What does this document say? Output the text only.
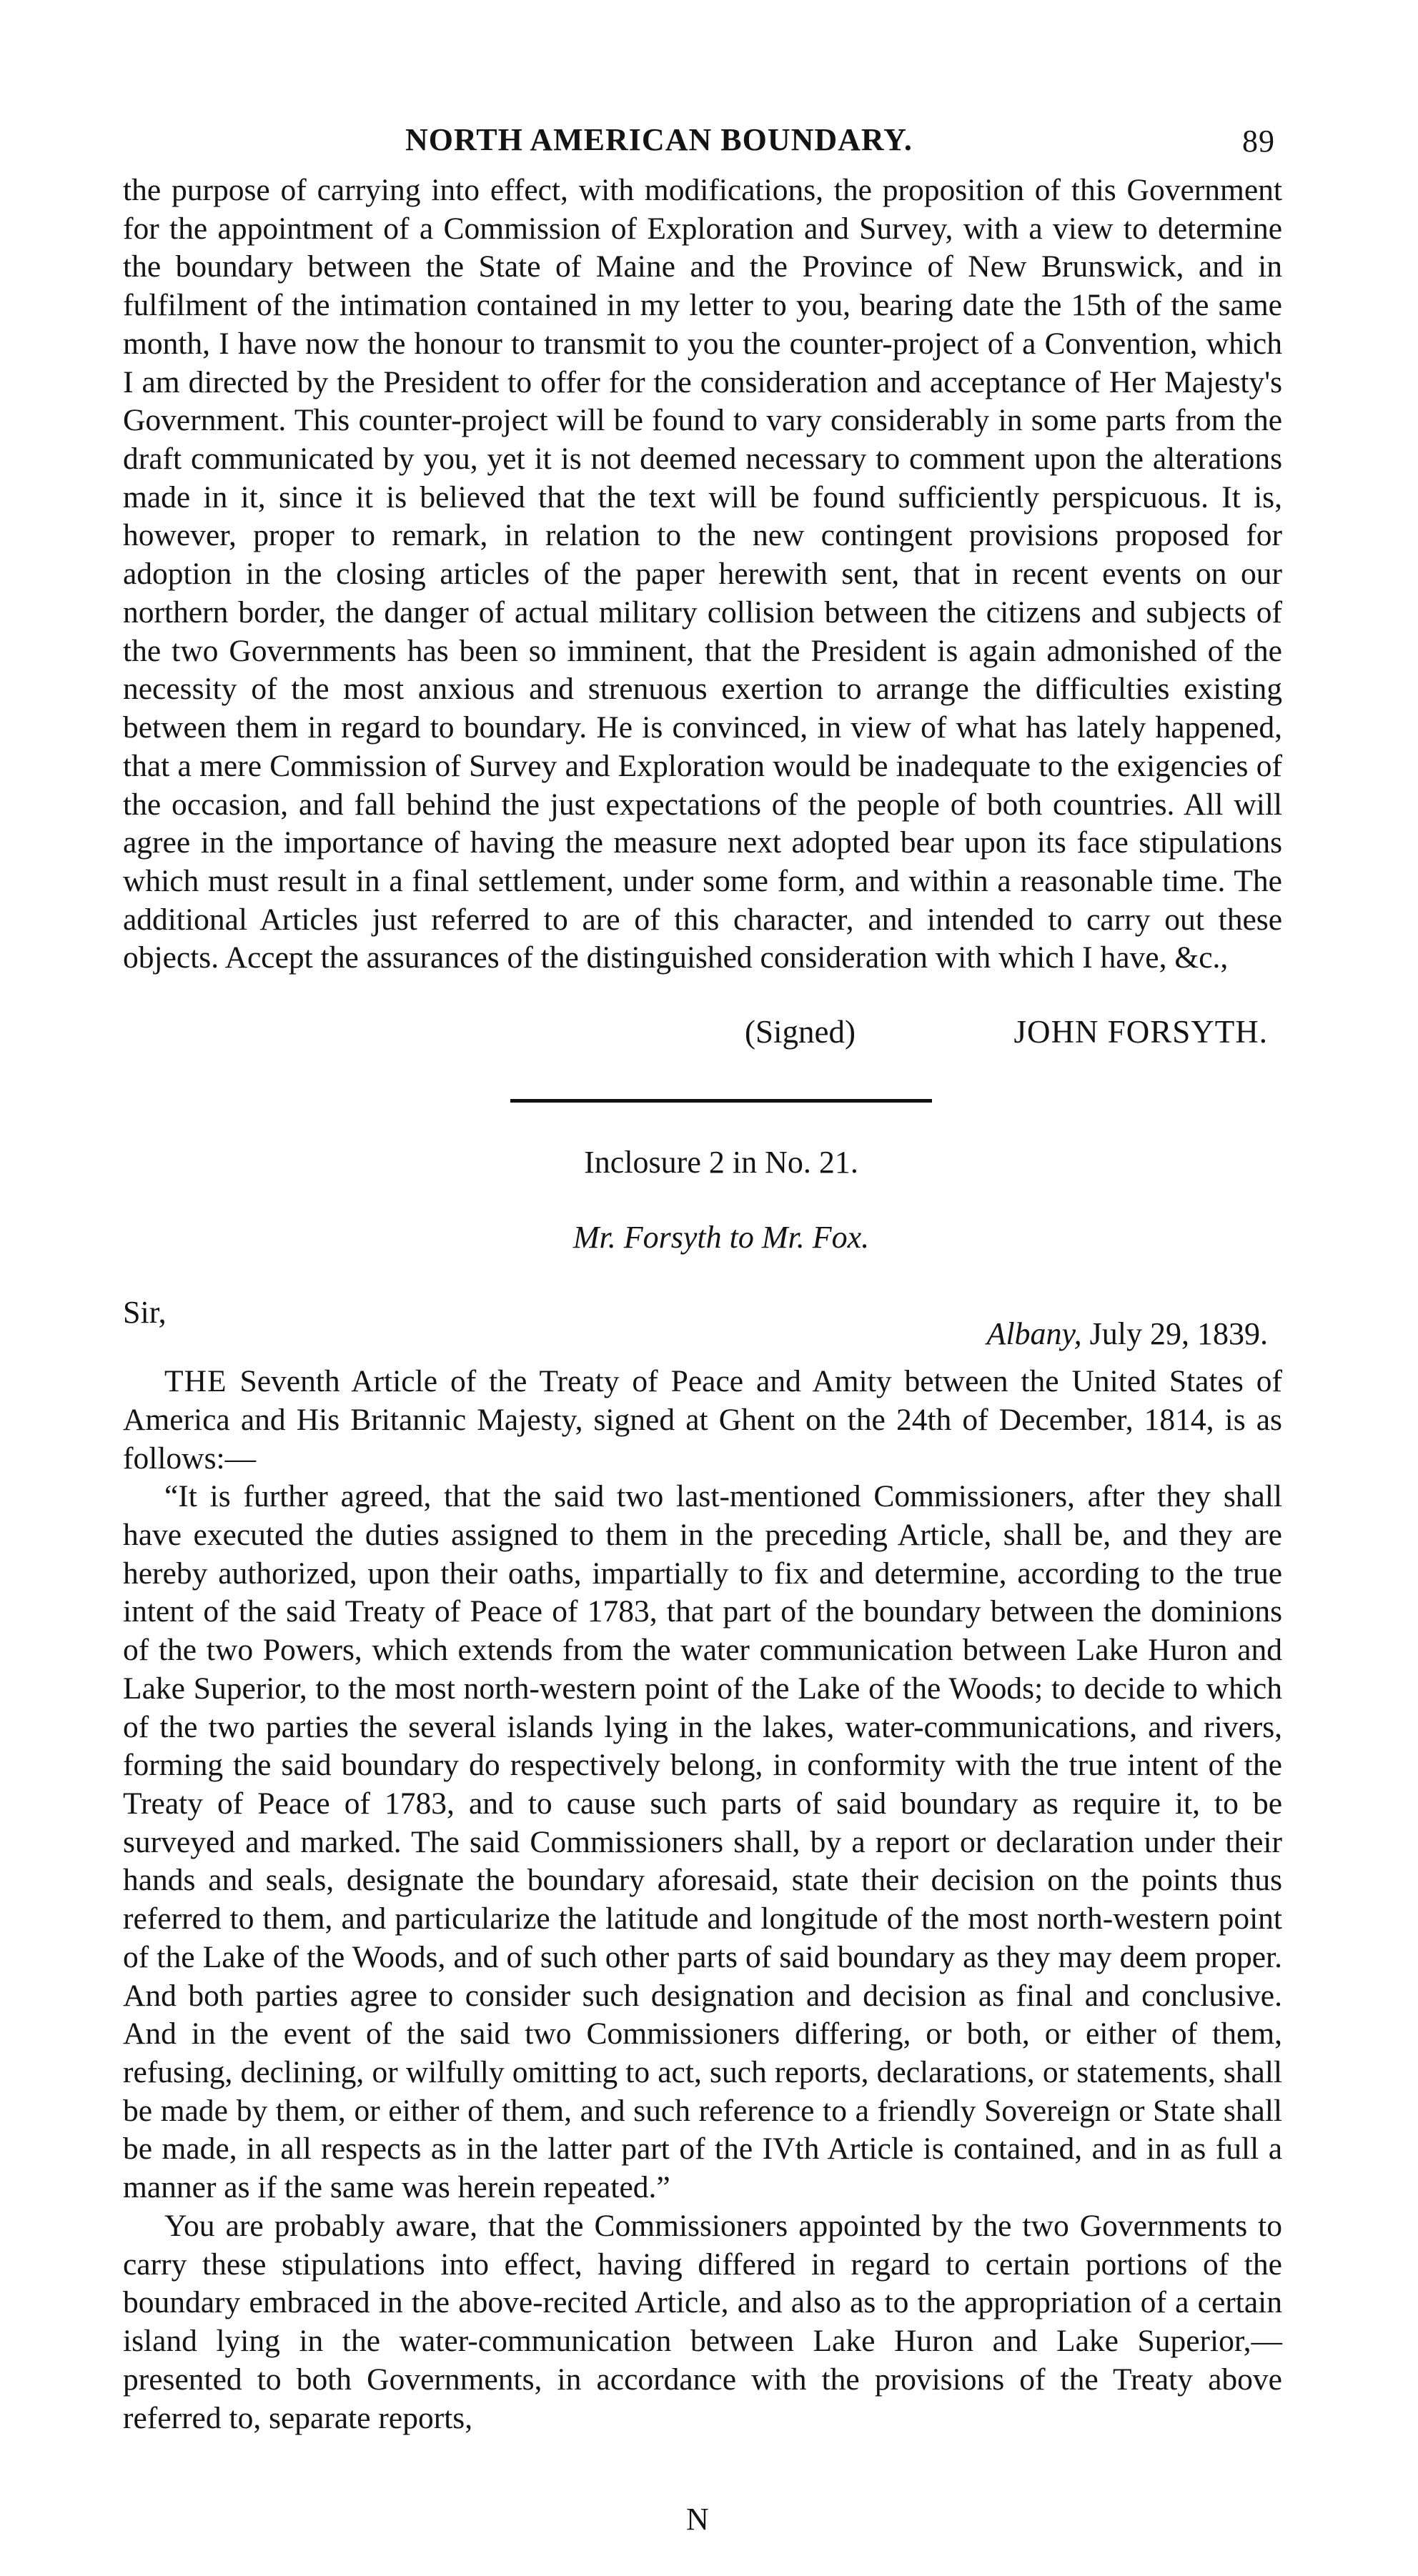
NORTH AMERICAN BOUNDARY.	89

the purpose of carrying into effect, with modifications, the proposition of this Government for the appointment of a Commission of Exploration and Survey, with a view to determine the boundary between the State of Maine and the Province of New Brunswick, and in fulfilment of the intimation contained in my letter to you, bearing date the 15th of the same month, I have now the honour to transmit to you the counter-project of a Convention, which I am directed by the President to offer for the consideration and acceptance of Her Majesty's Government. This counter-project will be found to vary considerably in some parts from the draft communicated by you, yet it is not deemed necessary to comment upon the alterations made in it, since it is believed that the text will be found sufficiently perspicuous. It is, however, proper to remark, in relation to the new contingent provisions proposed for adoption in the closing articles of the paper herewith sent, that in recent events on our northern border, the danger of actual military collision between the citizens and subjects of the two Governments has been so imminent, that the President is again admonished of the necessity of the most anxious and strenuous exertion to arrange the difficulties existing between them in regard to boundary. He is convinced, in view of what has lately happened, that a mere Commission of Survey and Exploration would be inadequate to the exigencies of the occasion, and fall behind the just expectations of the people of both countries. All will agree in the importance of having the measure next adopted bear upon its face stipulations which must result in a final settlement, under some form, and within a reasonable time. The additional Articles just referred to are of this character, and intended to carry out these objects. Accept the assurances of the distinguished consideration with which I have, &c.,

(Signed)	JOHN FORSYTH.
Inclosure 2 in No. 21.
Mr. Forsyth to Mr. Fox.
Sir,
Albany, July 29, 1839.

THE Seventh Article of the Treaty of Peace and Amity between the United States of America and His Britannic Majesty, signed at Ghent on the 24th of December, 1814, is as follows:—

“It is further agreed, that the said two last-mentioned Commissioners, after they shall have executed the duties assigned to them in the preceding Article, shall be, and they are hereby authorized, upon their oaths, impartially to fix and determine, according to the true intent of the said Treaty of Peace of 1783, that part of the boundary between the dominions of the two Powers, which extends from the water communication between Lake Huron and Lake Superior, to the most north-western point of the Lake of the Woods; to decide to which of the two parties the several islands lying in the lakes, water-communications, and rivers, forming the said boundary do respectively belong, in conformity with the true intent of the Treaty of Peace of 1783, and to cause such parts of said boundary as require it, to be surveyed and marked. The said Commissioners shall, by a report or declaration under their hands and seals, designate the boundary aforesaid, state their decision on the points thus referred to them, and particularize the latitude and longitude of the most north-western point of the Lake of the Woods, and of such other parts of said boundary as they may deem proper. And both parties agree to consider such designation and decision as final and conclusive. And in the event of the said two Commissioners differing, or both, or either of them, refusing, declining, or wilfully omitting to act, such reports, declarations, or statements, shall be made by them, or either of them, and such reference to a friendly Sovereign or State shall be made, in all respects as in the latter part of the IVth Article is contained, and in as full a manner as if the same was herein repeated.”

You are probably aware, that the Commissioners appointed by the two Governments to carry these stipulations into effect, having differed in regard to certain portions of the boundary embraced in the above-recited Article, and also as to the appropriation of a certain island lying in the water-communication between Lake Huron and Lake Superior,—presented to both Governments, in accordance with the provisions of the Treaty above referred to, separate reports,

N
